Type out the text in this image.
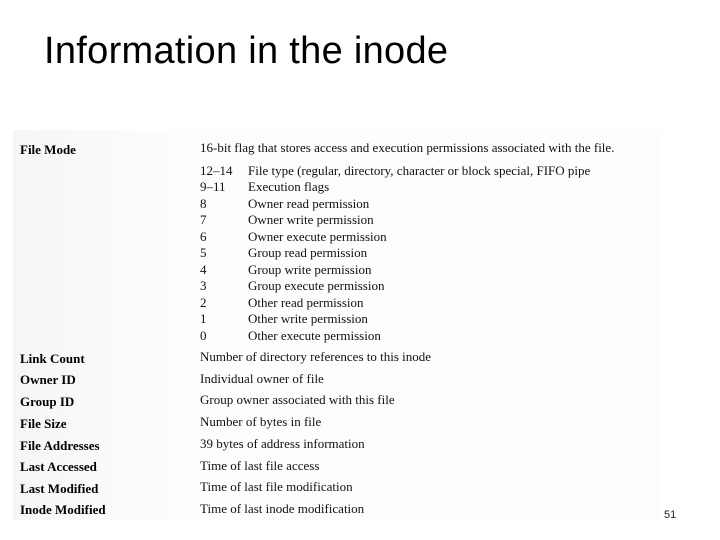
Information in the inode
File Mode	16-bit flag that stores access and execution permissions associated with the file.
12–14 File type (regular, directory, character or block special, FIFO pipe
9–11 Execution flags
8	Owner read permission
7	Owner write permission
6	Owner execute permission
5	Group read permission
4	Group write permission
3	Group execute permission
2	Other read permission
1	Other write permission
0	Other execute permission
Link Count	Number of directory references to this inode
Owner ID	Individual owner of file
Group ID	Group owner associated with this file
File Size	Number of bytes in file
File Addresses	39 bytes of address information
Last Accessed	Time of last file access
Last Modified	Time of last file modification
Inode Modified	Time of last inode modification	51
